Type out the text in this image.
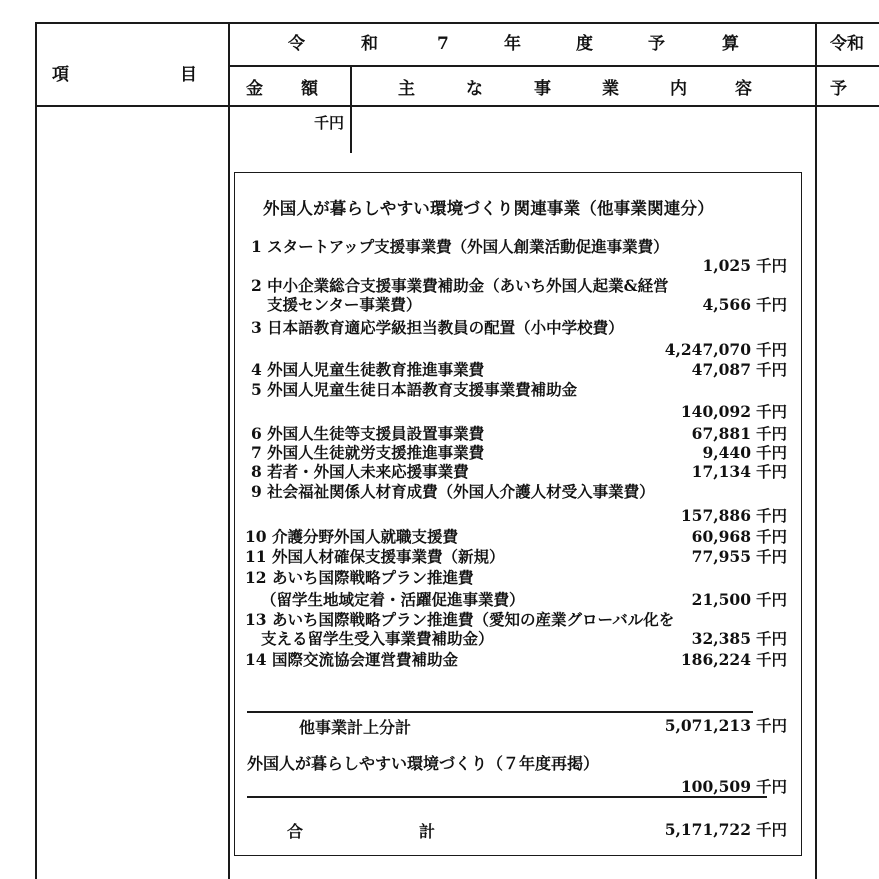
項	目
令	和	7	年	度	予	算
金 額	主	な	事	業	内	容
令和
予
千円
外国人が暮らしやすい環境づくり関連事業（他事業関連分）
1 スタートアップ支援事業費（外国人創業活動促進事業費）
1,025 千円
2 中小企業総合支援事業費補助金（あいち外国人起業&経営
支援センター事業費）	4,566 千円
3 日本語教育適応学級担当教員の配置（小中学校費）
4,247,070 千円
4 外国人児童生徒教育推進事業費	47,087 千円
5 外国人児童生徒日本語教育支援事業費補助金
140,092 千円
6 外国人生徒等支援員設置事業費	67,881 千円
7 外国人生徒就労支援推進事業費	9,440 千円
8 若者・外国人未来応援事業費	17,134 千円
9 社会福祉関係人材育成費（外国人介護人材受入事業費）
157,886 千円
10 介護分野外国人就職支援費	60,968 千円
11 外国人材確保支援事業費（新規）	77,955 千円
12 あいち国際戦略プラン推進費
（留学生地域定着・活躍促進事業費）	21,500 千円
13 あいち国際戦略プラン推進費（愛知の産業グローバル化を
支える留学生受入事業費補助金）	32,385 千円
14 国際交流協会運営費補助金	186,224 千円
他事業計上分計	5,071,213 千円
外国人が暮らしやすい環境づくり（７年度再掲）
100,509 千円
合	計	5,171,722 千円
